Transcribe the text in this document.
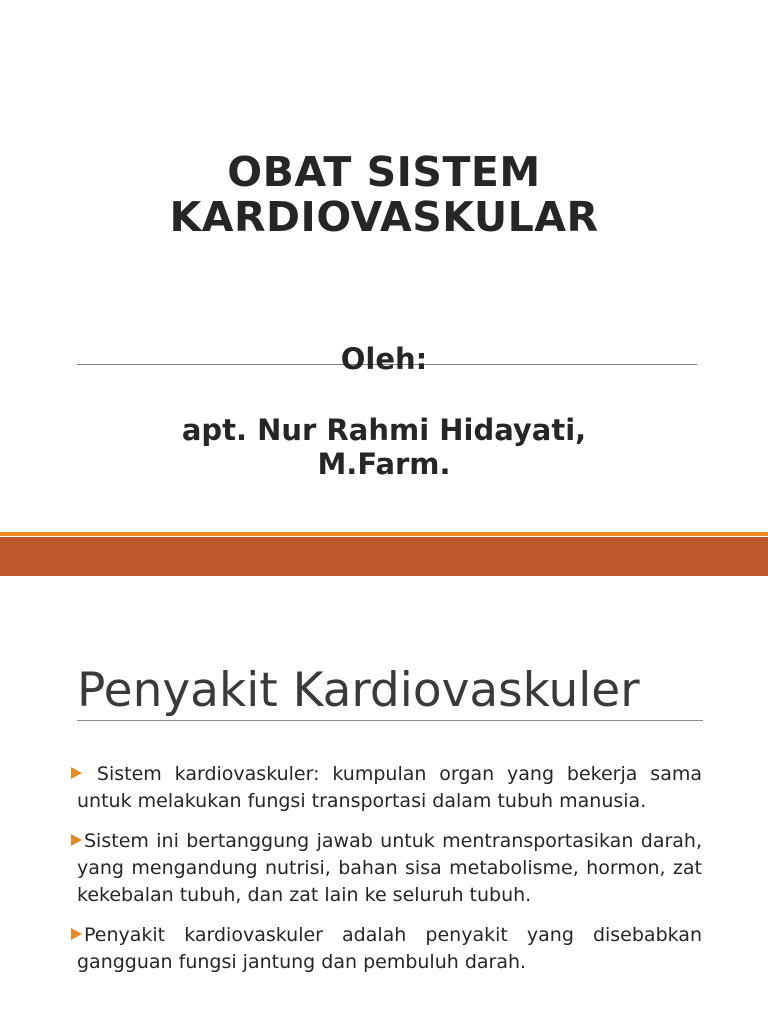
OBAT SISTEM
KARDIOVASKULAR
Oleh:
apt. Nur Rahmi Hidayati,
M.Farm.
Penyakit Kardiovaskuler
Sistem kardiovaskuler: kumpulan organ yang bekerja sama untuk melakukan fungsi transportasi dalam tubuh manusia.
Sistem ini bertanggung jawab untuk mentransportasikan darah, yang mengandung nutrisi, bahan sisa metabolisme, hormon, zat kekebalan tubuh, dan zat lain ke seluruh tubuh.
Penyakit kardiovaskuler adalah penyakit yang disebabkan gangguan fungsi jantung dan pembuluh darah.
